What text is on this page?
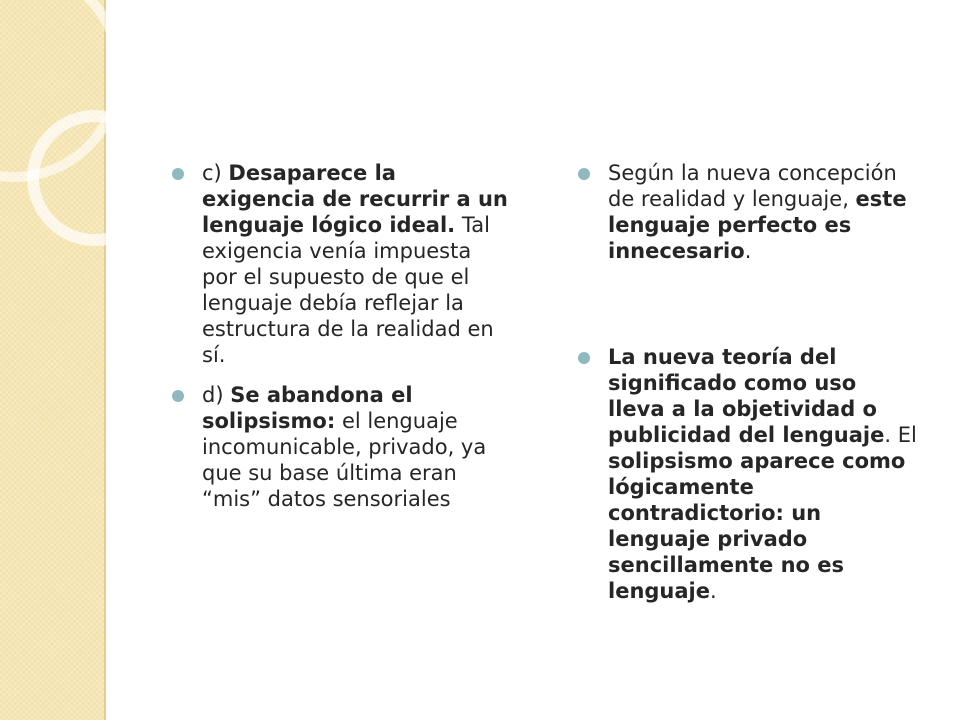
c) Desaparece la exigencia de recurrir a un lenguaje lógico ideal. Tal exigencia venía impuesta por el supuesto de que el lenguaje debía reflejar la estructura de la realidad en sí.
d) Se abandona el solipsismo: el lenguaje incomunicable, privado, ya que su base última eran “mis” datos sensoriales
Según la nueva concepción de realidad y lenguaje, este lenguaje perfecto es innecesario.
La nueva teoría del significado como uso lleva a la objetividad o publicidad del lenguaje. El solipsismo aparece como lógicamente contradictorio: un lenguaje privado sencillamente no es lenguaje.
